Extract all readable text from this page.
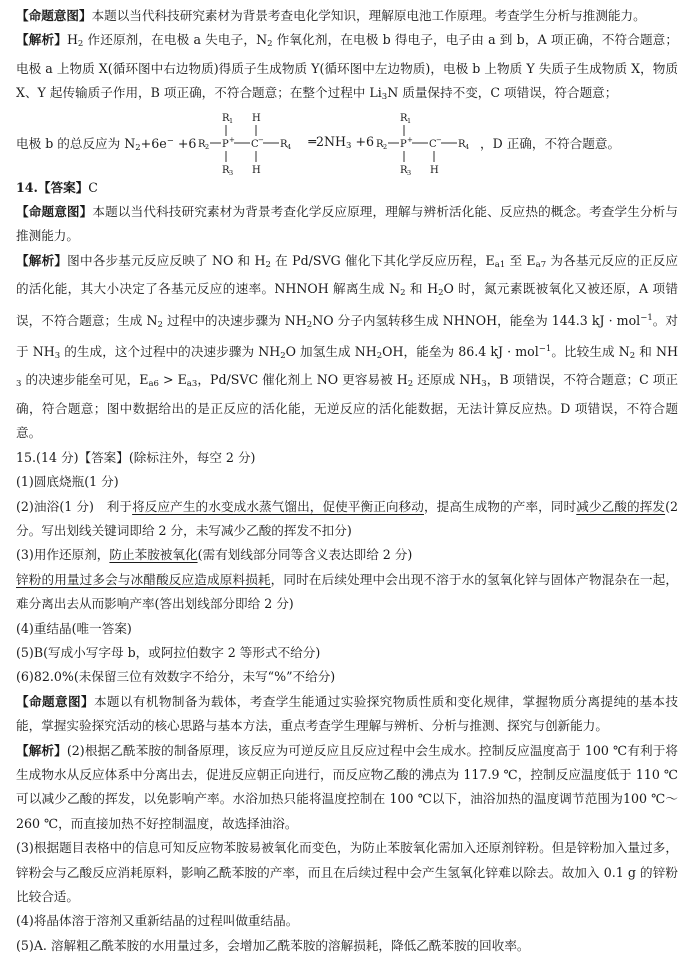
【命题意图】本题以当代科技研究素材为背景考查电化学知识，理解原电池工作原理。考查学生分析与推测能力。

【解析】$H_2$ 作还原剂，在电极 a 失电子，$N_2$ 作氧化剂，在电极 b 得电子，电子由 a 到 b，A 项正确，不符合题意；电极 a 上物质 X(循环图中右边物质)得质子生成物质 Y(循环图中左边物质)，电极 b 上物质 Y 失质子生成物质 X，物质 X、Y 起传输质子作用，B 项正确，不符合题意；在整个过程中 $Li_3N$ 质量保持不变，C 项错误，符合题意；

电极 b 的总反应为 $N_2+6e^- +6$
R 1
R 2 P +
R 3
C −
H
H
R 4 $═2NH_3 +6$
R 1
R 2 P +
R 3
C −
H
R 4 ，D 正确，不符合题意。

14.【答案】C

【命题意图】本题以当代科技研究素材为背景考查化学反应原理，理解与辨析活化能、反应热的概念。考查学生分析与推测能力。

【解析】图中各步基元反应反映了 NO 和 $H_2$ 在 Pd/SVG 催化下其化学反应历程，$E_{a1}$ 至 $E_{a7}$ 为各基元反应的正反应的活化能，其大小决定了各基元反应的速率。NHNOH 解离生成 $N_2$ 和 $H_2O$ 时，氮元素既被氧化又被还原，A 项错误，不符合题意；生成 $N_2$ 过程中的决速步骤为 $NH_2NO$ 分子内氢转移生成 NHNOH，能垒为 144.3 kJ · mol$^{-1}$。对于 $NH_3$ 的生成，这个过程中的决速步骤为 $NH_2O$ 加氢生成 $NH_2OH$，能垒为 86.4 kJ · mol$^{-1}$。比较生成 $N_2$ 和 $NH_3$ 的决速步能垒可见，$E_{a6} > E_{a3}$，Pd/SVC 催化剂上 NO 更容易被 $H_2$ 还原成 $NH_3$，B 项错误，不符合题意；C 项正确，符合题意；图中数据给出的是正反应的活化能，无逆反应的活化能数据，无法计算反应热。D 项错误，不符合题意。

15.(14 分)【答案】(除标注外，每空 2 分)

(1)圆底烧瓶(1 分)

(2)油浴(1 分)　利于将反应产生的水变成水蒸气馏出，促使平衡正向移动，提高生成物的产率，同时减少乙酸的挥发(2 分。写出划线关键词即给 2 分，未写减少乙酸的挥发不扣分)

(3)用作还原剂，防止苯胺被氧化(需有划线部分同等含义表达即给 2 分)

锌粉的用量过多会与冰醋酸反应造成原料损耗，同时在后续处理中会出现不溶于水的氢氧化锌与固体产物混杂在一起，难分离出去从而影响产率(答出划线部分即给 2 分)

(4)重结晶(唯一答案)

(5)B(写成小写字母 b，或阿拉伯数字 2 等形式不给分)

(6)82.0%(未保留三位有效数字不给分，未写“%”不给分)

【命题意图】本题以有机物制备为载体，考查学生能通过实验探究物质性质和变化规律，掌握物质分离提纯的基本技能，掌握实验探究活动的核心思路与基本方法，重点考查学生理解与辨析、分析与推测、探究与创新能力。

【解析】(2)根据乙酰苯胺的制备原理，该反应为可逆反应且反应过程中会生成水。控制反应温度高于 100 ℃有利于将生成物水从反应体系中分离出去，促进反应朝正向进行，而反应物乙酸的沸点为 117.9 ℃，控制反应温度低于 110 ℃可以减少乙酸的挥发，以免影响产率。水浴加热只能将温度控制在 100 ℃以下，油浴加热的温度调节范围为100 ℃～260 ℃，而直接加热不好控制温度，故选择油浴。

(3)根据题目表格中的信息可知反应物苯胺易被氧化而变色，为防止苯胺氧化需加入还原剂锌粉。但是锌粉加入量过多，锌粉会与乙酸反应消耗原料，影响乙酰苯胺的产率，而且在后续过程中会产生氢氧化锌难以除去。故加入 0.1 g 的锌粉比较合适。

(4)将晶体溶于溶剂又重新结晶的过程叫做重结晶。

(5)A. 溶解粗乙酰苯胺的水用量过多，会增加乙酰苯胺的溶解损耗，降低乙酰苯胺的回收率。
